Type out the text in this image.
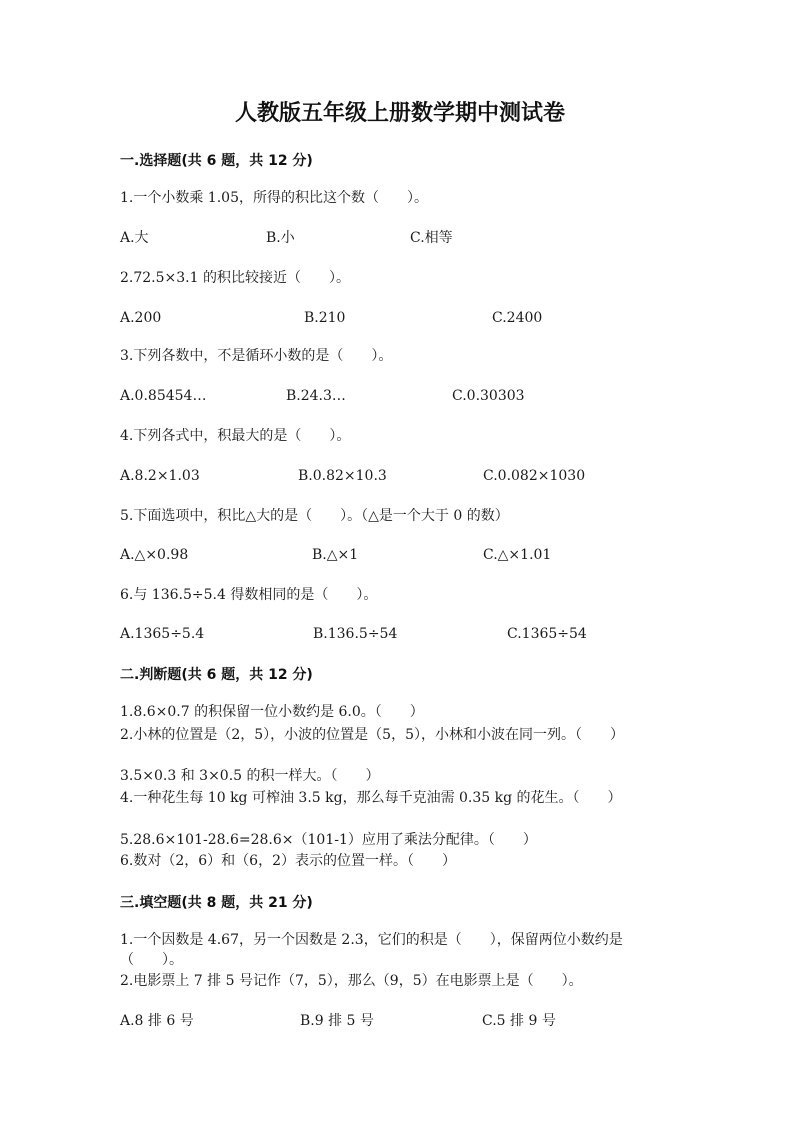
人教版五年级上册数学期中测试卷
一.选择题(共 6 题，共 12 分)
1.一个小数乘 1.05，所得的积比这个数（　　）。
A.大	B.小	C.相等
2.72.5×3.1 的积比较接近（　　）。
A.200	B.210	C.2400
3.下列各数中，不是循环小数的是（　　）。
A.0.85454…	B.24.3…	C.0.30303
4.下列各式中，积最大的是（　　）。
A.8.2×1.03	B.0.82×10.3	C.0.082×1030
5.下面选项中，积比△大的是（　　）。（△是一个大于 0 的数）
A.△×0.98	B.△×1	C.△×1.01
6.与 136.5÷5.4 得数相同的是（　　）。
A.1365÷5.4	B.136.5÷54	C.1365÷54
二.判断题(共 6 题，共 12 分)
1.8.6×0.7 的积保留一位小数约是 6.0。（　　）
2.小林的位置是（2，5），小波的位置是（5，5），小林和小波在同一列。（　　）
3.5×0.3 和 3×0.5 的积一样大。（　　）
4.一种花生每 10 kg 可榨油 3.5 kg，那么每千克油需 0.35 kg 的花生。（　　）
5.28.6×101-28.6=28.6×（101-1）应用了乘法分配律。（　　）
6.数对（2，6）和（6，2）表示的位置一样。（　　）
三.填空题(共 8 题，共 21 分)
1.一个因数是 4.67，另一个因数是 2.3，它们的积是（　　），保留两位小数约是（　　）。
2.电影票上 7 排 5 号记作（7，5），那么（9，5）在电影票上是（　　）。
A.8 排 6 号	B.9 排 5 号	C.5 排 9 号
